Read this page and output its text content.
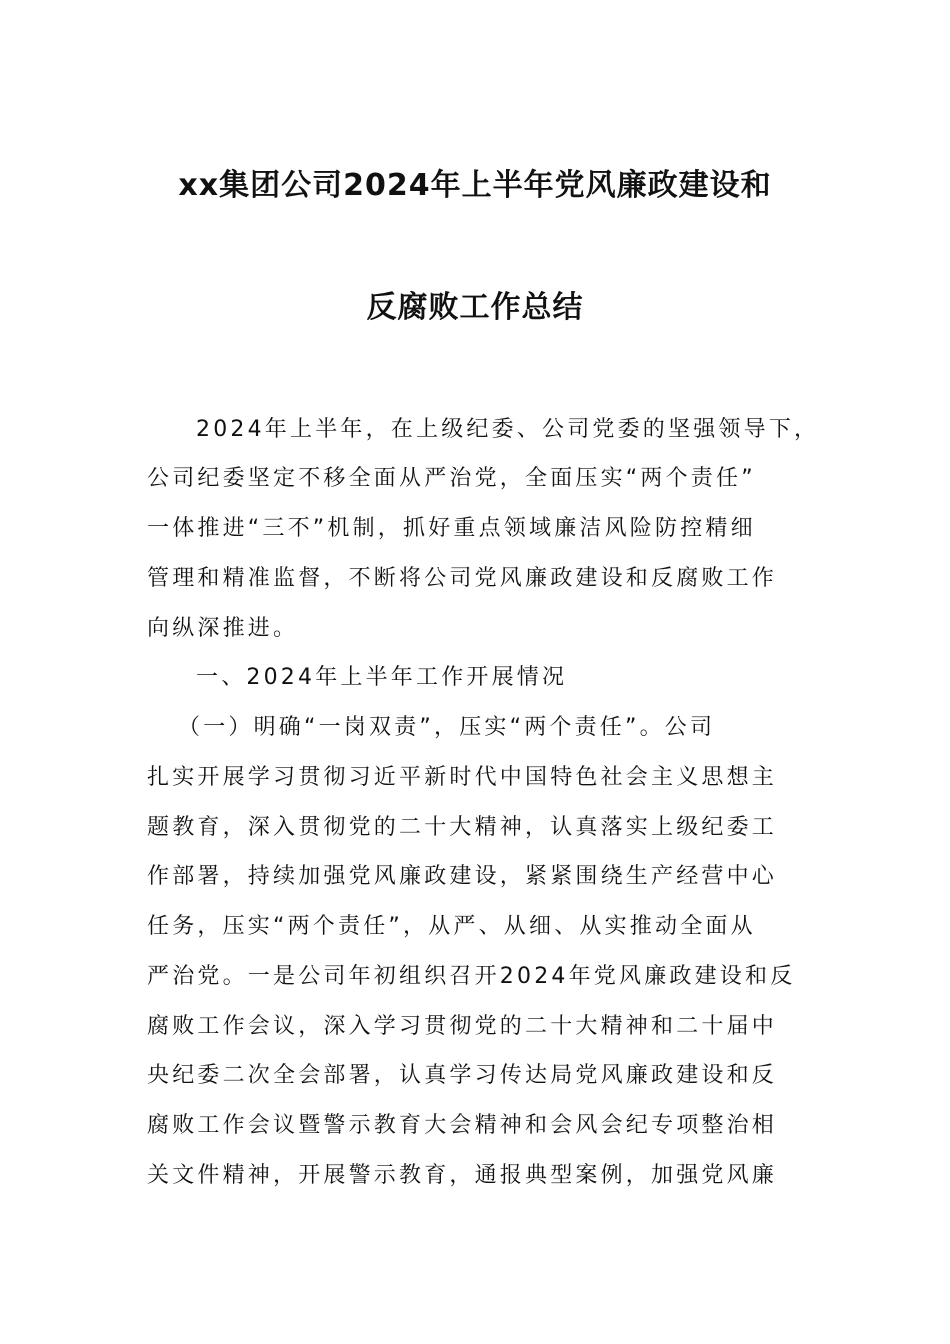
xx集团公司2024年上半年党风廉政建设和
反腐败工作总结
2024年上半年，在上级纪委、公司党委的坚强领导下，
公司纪委坚定不移全面从严治党，全面压实“两个责任”
一体推进“三不”机制，抓好重点领域廉洁风险防控精细
管理和精准监督，不断将公司党风廉政建设和反腐败工作
向纵深推进。
一、2024年上半年工作开展情况
（一）明确“一岗双责”，压实“两个责任”。公司
扎实开展学习贯彻习近平新时代中国特色社会主义思想主
题教育，深入贯彻党的二十大精神，认真落实上级纪委工
作部署，持续加强党风廉政建设，紧紧围绕生产经营中心
任务，压实“两个责任”，从严、从细、从实推动全面从
严治党。一是公司年初组织召开2024年党风廉政建设和反
腐败工作会议，深入学习贯彻党的二十大精神和二十届中
央纪委二次全会部署，认真学习传达局党风廉政建设和反
腐败工作会议暨警示教育大会精神和会风会纪专项整治相
关文件精神，开展警示教育，通报典型案例，加强党风廉
